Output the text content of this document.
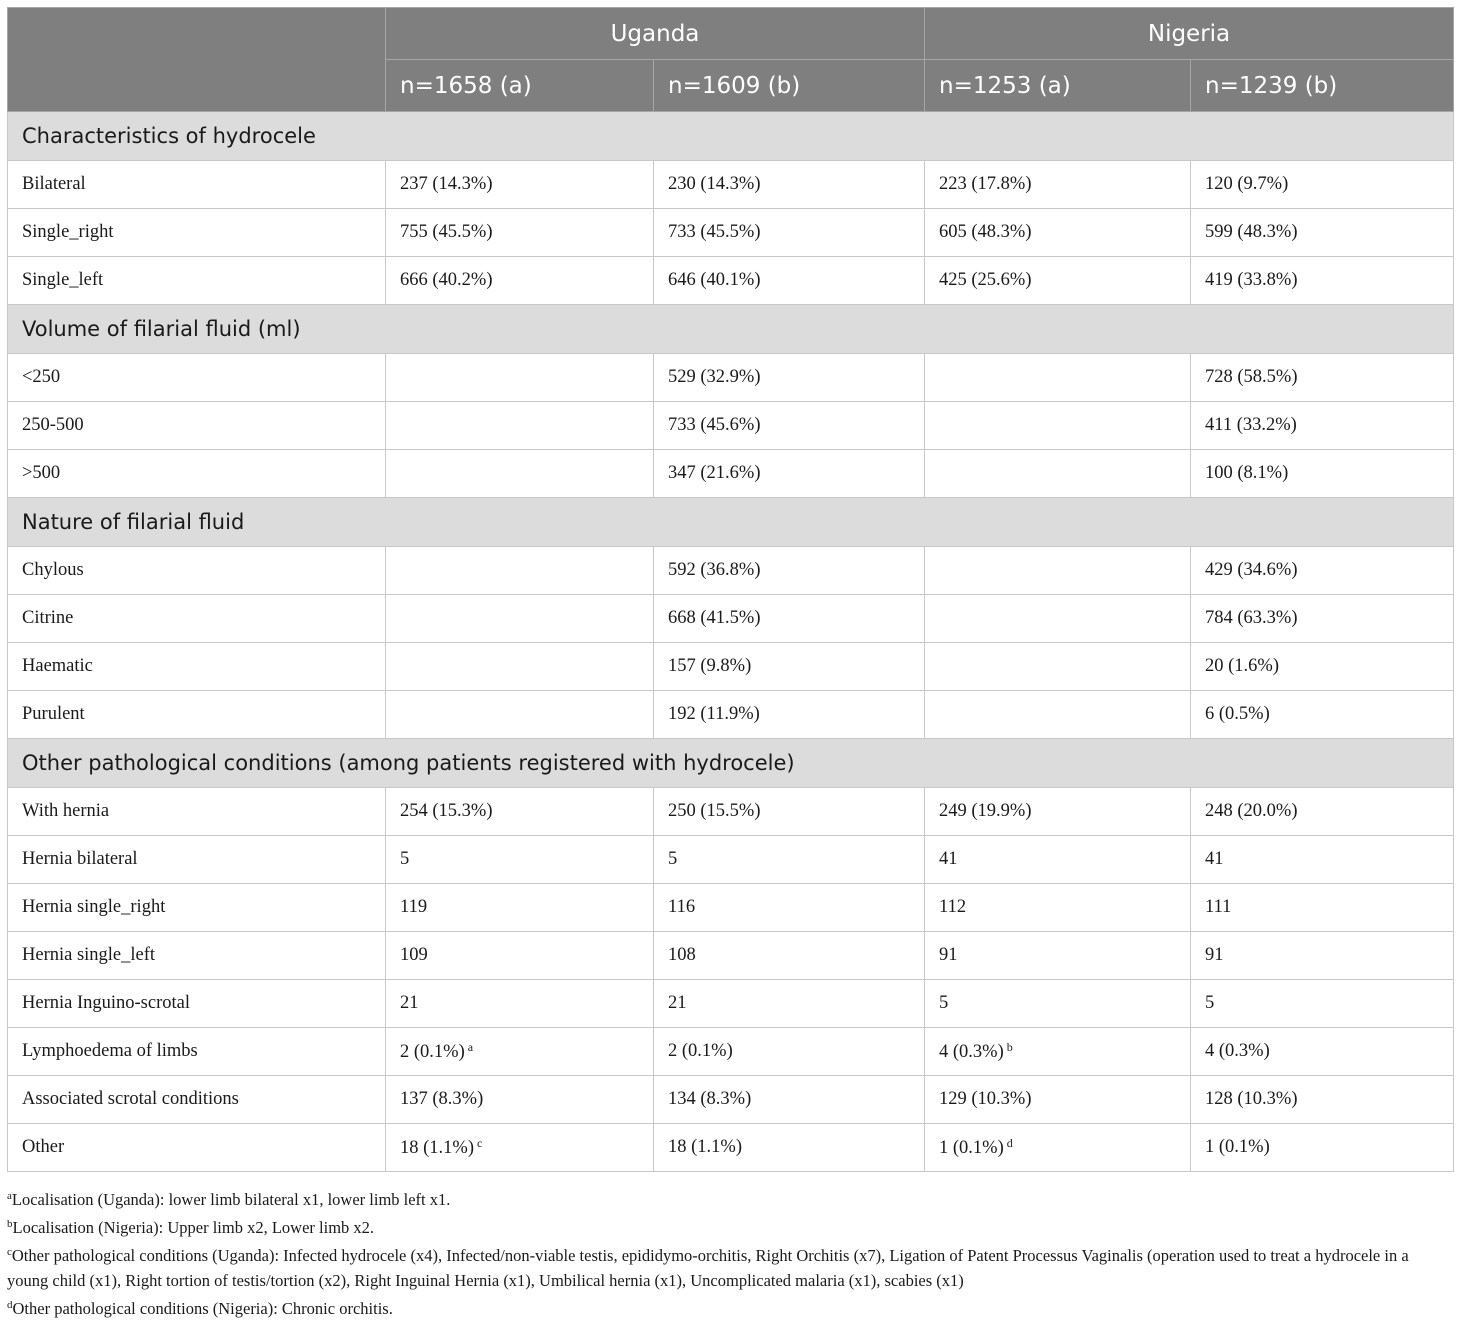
	Uganda		Nigeria	
	n=1658 (a)	n=1609 (b)	n=1253 (a)	n=1239 (b)
Characteristics of hydrocele				
Bilateral	237 (14.3%)	230 (14.3%)	223 (17.8%)	120 (9.7%)
Single_right	755 (45.5%)	733 (45.5%)	605 (48.3%)	599 (48.3%)
Single_left	666 (40.2%)	646 (40.1%)	425 (25.6%)	419 (33.8%)
Volume of filarial fluid (ml)				
<250		529 (32.9%)		728 (58.5%)
250-500		733 (45.6%)		411 (33.2%)
>500		347 (21.6%)		100 (8.1%)
Nature of filarial fluid				
Chylous		592 (36.8%)		429 (34.6%)
Citrine		668 (41.5%)		784 (63.3%)
Haematic		157 (9.8%)		20 (1.6%)
Purulent		192 (11.9%)		6 (0.5%)
Other pathological conditions (among patients registered with hydrocele)				
With hernia	254 (15.3%)	250 (15.5%)	249 (19.9%)	248 (20.0%)
Hernia bilateral	5	5	41	41
Hernia single_right	119	116	112	111
Hernia single_left	109	108	91	91
Hernia Inguino-scrotal	21	21	5	5
Lymphoedema of limbs	2 (0.1%) $^a$	2 (0.1%)	4 (0.3%) $^b$	4 (0.3%)
Associated scrotal conditions	137 (8.3%)	134 (8.3%)	129 (10.3%)	128 (10.3%)
Other	18 (1.1%) $^c$	18 (1.1%)	1 (0.1%) $^d$	1 (0.1%)

$^a$Localisation (Uganda): lower limb bilateral x1, lower limb left x1.

$^b$Localisation (Nigeria): Upper limb x2, Lower limb x2.

$^c$Other pathological conditions (Uganda): Infected hydrocele (x4), Infected/non-viable testis, epididymo-orchitis, Right Orchitis (x7), Ligation of Patent Processus Vaginalis (operation used to treat a hydrocele in a young child (x1), Right tortion of testis/tortion (x2), Right Inguinal Hernia (x1), Umbilical hernia (x1), Uncomplicated malaria (x1), scabies (x1)

$^d$Other pathological conditions (Nigeria): Chronic orchitis.
